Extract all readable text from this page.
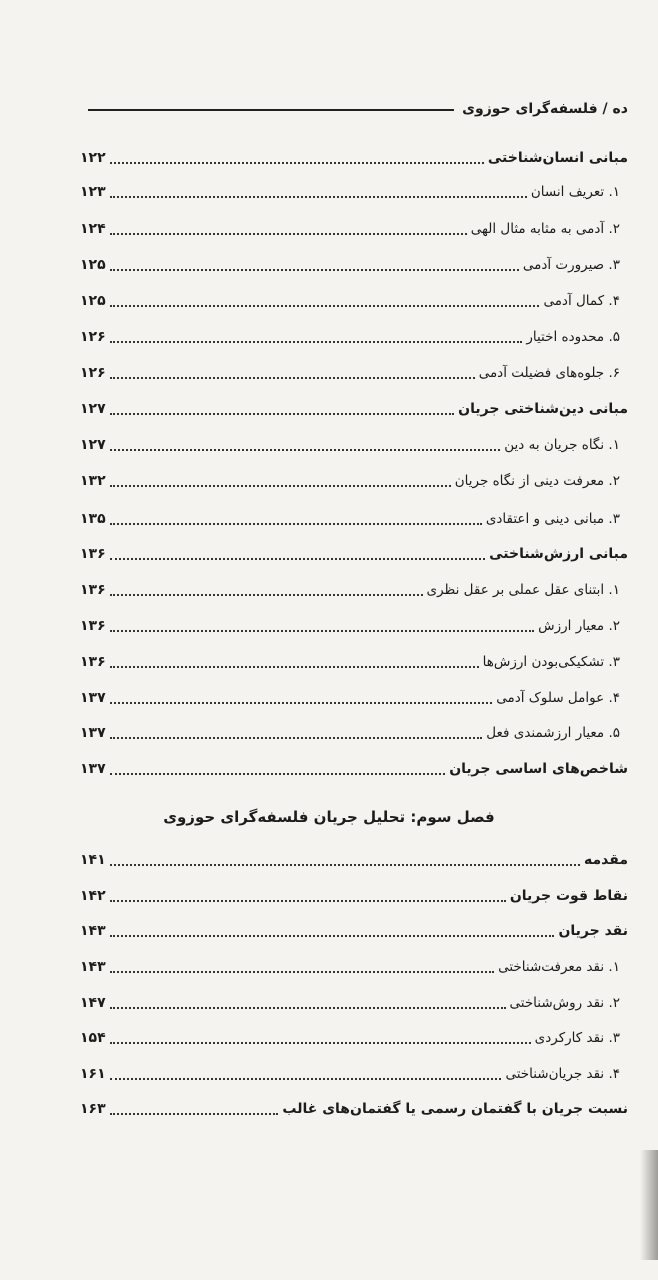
ده / فلسفه‌گرای حوزوی
مبانی انسان‌شناختی
۱۲۲
۱. تعریف انسان
۱۲۳
۲. آدمی به مثابه مثال الهی
۱۲۴
۳. صیرورت آدمی
۱۲۵
۴. کمال آدمی
۱۲۵
۵. محدوده اختیار
۱۲۶
۶. جلوه‌های فضیلت آدمی
۱۲۶
مبانی دین‌شناختی جریان
۱۲۷
۱. نگاه جریان به دین
۱۲۷
۲. معرفت دینی از نگاه جریان
۱۳۲
۳. مبانی دینی و اعتقادی
۱۳۵
مبانی ارزش‌شناختی
۱۳۶
۱. ابتنای عقل عملی بر عقل نظری
۱۳۶
۲. معیار ارزش
۱۳۶
۳. تشکیکی‌بودن ارزش‌ها
۱۳۶
۴. عوامل سلوک آدمی
۱۳۷
۵. معیار ارزشمندی فعل
۱۳۷
شاخص‌های اساسی جریان
۱۳۷
فصل سوم: تحلیل جریان فلسفه‌گرای حوزوی
مقدمه
۱۴۱
نقاط قوت جریان
۱۴۲
نقد جریان
۱۴۳
۱. نقد معرفت‌شناختی
۱۴۳
۲. نقد روش‌شناختی
۱۴۷
۳. نقد کارکردی
۱۵۴
۴. نقد جریان‌شناختی
۱۶۱
نسبت جریان با گفتمان رسمی یا گفتمان‌های غالب
۱۶۳
